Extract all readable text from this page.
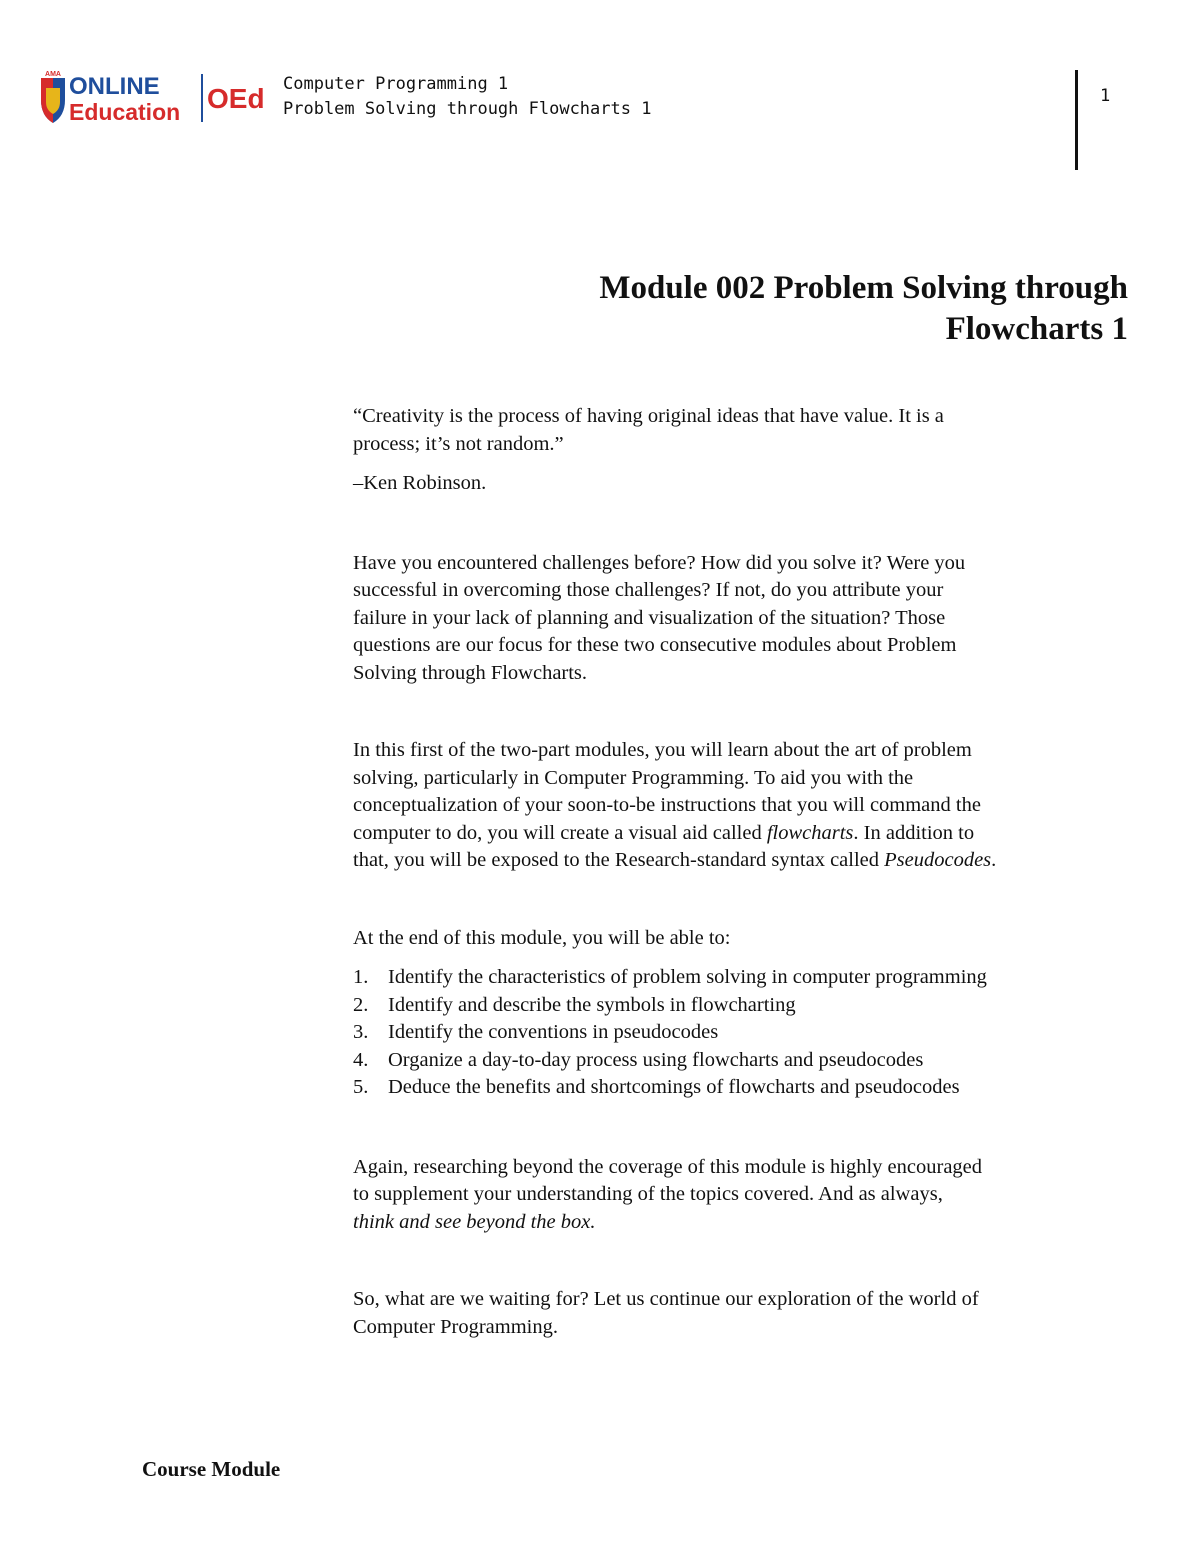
AMA ONLINE
Education OEd Computer Programming 1
Problem Solving through Flowcharts 1
1
Module 002 Problem Solving through
Flowcharts 1

“Creativity is the process of having original ideas that have value. It is a
process; it’s not random.”

–Ken Robinson.

Have you encountered challenges before? How did you solve it? Were you
successful in overcoming those challenges? If not, do you attribute your
failure in your lack of planning and visualization of the situation? Those
questions are our focus for these two consecutive modules about Problem
Solving through Flowcharts.

In this first of the two-part modules, you will learn about the art of problem
solving, particularly in Computer Programming. To aid you with the
conceptualization of your soon-to-be instructions that you will command the
computer to do, you will create a visual aid called flowcharts. In addition to
that, you will be exposed to the Research-standard syntax called Pseudocodes.

At the end of this module, you will be able to:

1. Identify the characteristics of problem solving in computer programming
2. Identify and describe the symbols in flowcharting
3. Identify the conventions in pseudocodes
4. Organize a day-to-day process using flowcharts and pseudocodes
5. Deduce the benefits and shortcomings of flowcharts and pseudocodes

Again, researching beyond the coverage of this module is highly encouraged
to supplement your understanding of the topics covered. And as always,
think and see beyond the box.

So, what are we waiting for? Let us continue our exploration of the world of
Computer Programming.

Course Module
